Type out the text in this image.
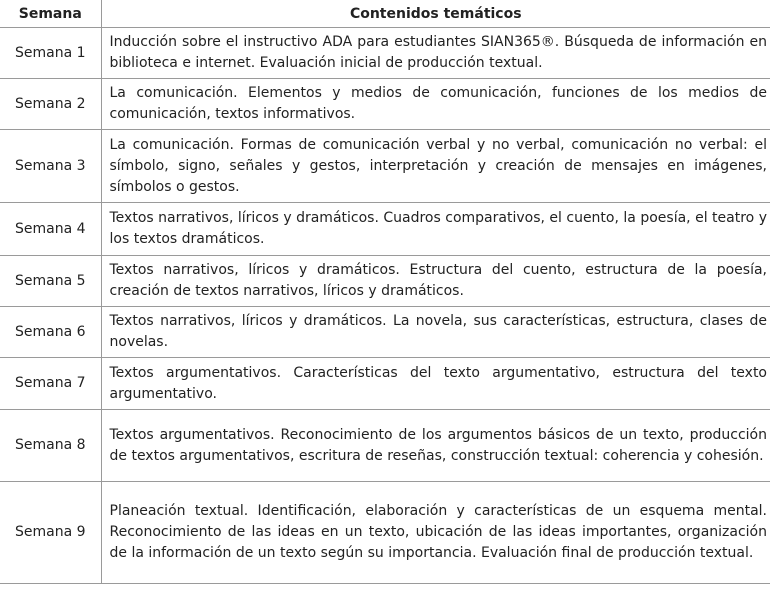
Semana	Contenidos temáticos
Semana 1	Inducción sobre el instructivo ADA para estudiantes SIAN365®. Búsqueda de información en biblioteca e internet. Evaluación inicial de producción textual.
Semana 2	La comunicación. Elementos y medios de comunicación, funciones de los medios de comunicación, textos informativos.
Semana 3	La comunicación. Formas de comunicación verbal y no verbal, comunicación no verbal: el símbolo, signo, señales y gestos, interpretación y creación de mensajes en imágenes, símbolos o gestos.
Semana 4	Textos narrativos, líricos y dramáticos. Cuadros comparativos, el cuento, la poesía, el teatro y los textos dramáticos.
Semana 5	Textos narrativos, líricos y dramáticos. Estructura del cuento, estructura de la poesía, creación de textos narrativos, líricos y dramáticos.
Semana 6	Textos narrativos, líricos y dramáticos. La novela, sus características, estructura, clases de novelas.
Semana 7	Textos argumentativos. Características del texto argumentativo, estructura del texto argumentativo.
Semana 8	Textos argumentativos. Reconocimiento de los argumentos básicos de un texto, producción de textos argumentativos, escritura de reseñas, construcción textual: coherencia y cohesión.
Semana 9	Planeación textual. Identificación, elaboración y características de un esquema mental. Reconocimiento de las ideas en un texto, ubicación de las ideas importantes, organización de la información de un texto según su importancia. Evaluación final de producción textual.
